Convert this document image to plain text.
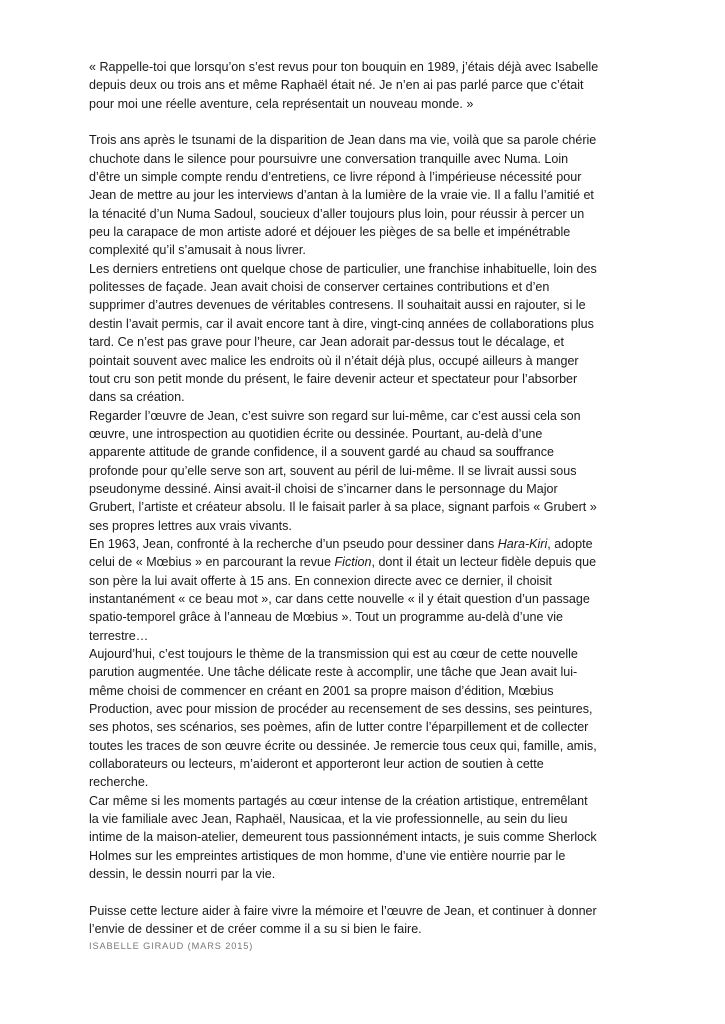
« Rappelle-toi que lorsqu’on s’est revus pour ton bouquin en 1989, j’étais déjà avec Isabelle depuis deux ou trois ans et même Raphaël était né. Je n’en ai pas parlé parce que c’était pour moi une réelle aventure, cela représentait un nouveau monde. »

Trois ans après le tsunami de la disparition de Jean dans ma vie, voilà que sa parole chérie chuchote dans le silence pour poursuivre une conversation tranquille avec Numa. Loin d’être un simple compte rendu d’entretiens, ce livre répond à l’impérieuse nécessité pour Jean de mettre au jour les interviews d’antan à la lumière de la vraie vie. Il a fallu l’amitié et la ténacité d’un Numa Sadoul, soucieux d’aller toujours plus loin, pour réussir à percer un peu la carapace de mon artiste adoré et déjouer les pièges de sa belle et impénétrable complexité qu’il s’amusait à nous livrer.

Les derniers entretiens ont quelque chose de particulier, une franchise inhabituelle, loin des politesses de façade. Jean avait choisi de conserver certaines contributions et d’en supprimer d’autres devenues de véritables contresens. Il souhaitait aussi en rajouter, si le destin l’avait permis, car il avait encore tant à dire, vingt-cinq années de collaborations plus tard. Ce n’est pas grave pour l’heure, car Jean adorait par-dessus tout le décalage, et pointait souvent avec malice les endroits où il n’était déjà plus, occupé ailleurs à manger tout cru son petit monde du présent, le faire devenir acteur et spectateur pour l’absorber dans sa création.

Regarder l’œuvre de Jean, c’est suivre son regard sur lui-même, car c’est aussi cela son œuvre, une introspection au quotidien écrite ou dessinée. Pourtant, au-delà d’une apparente attitude de grande confidence, il a souvent gardé au chaud sa souffrance profonde pour qu’elle serve son art, souvent au péril de lui-même. Il se livrait aussi sous pseudonyme dessiné. Ainsi avait-il choisi de s’incarner dans le personnage du Major Grubert, l’artiste et créateur absolu. Il le faisait parler à sa place, signant parfois « Grubert » ses propres lettres aux vrais vivants.

En 1963, Jean, confronté à la recherche d’un pseudo pour dessiner dans Hara-Kiri, adopte celui de « Mœbius » en parcourant la revue Fiction, dont il était un lecteur fidèle depuis que son père la lui avait offerte à 15 ans. En connexion directe avec ce dernier, il choisit instantanément « ce beau mot », car dans cette nouvelle « il y était question d’un passage spatio-temporel grâce à l’anneau de Mœbius ». Tout un programme au-delà d’une vie terrestre…

Aujourd’hui, c’est toujours le thème de la transmission qui est au cœur de cette nouvelle parution augmentée. Une tâche délicate reste à accomplir, une tâche que Jean avait lui-même choisi de commencer en créant en 2001 sa propre maison d’édition, Mœbius Production, avec pour mission de procéder au recensement de ses dessins, ses peintures, ses photos, ses scénarios, ses poèmes, afin de lutter contre l’éparpillement et de collecter toutes les traces de son œuvre écrite ou dessinée. Je remercie tous ceux qui, famille, amis, collaborateurs ou lecteurs, m’aideront et apporteront leur action de soutien à cette recherche.

Car même si les moments partagés au cœur intense de la création artistique, entremêlant la vie familiale avec Jean, Raphaël, Nausicaa, et la vie professionnelle, au sein du lieu intime de la maison-atelier, demeurent tous passionnément intacts, je suis comme Sherlock Holmes sur les empreintes artistiques de mon homme, d’une vie entière nourrie par le dessin, le dessin nourri par la vie.

Puisse cette lecture aider à faire vivre la mémoire et l’œuvre de Jean, et continuer à donner l’envie de dessiner et de créer comme il a su si bien le faire.

ISABELLE GIRAUD (MARS 2015)
